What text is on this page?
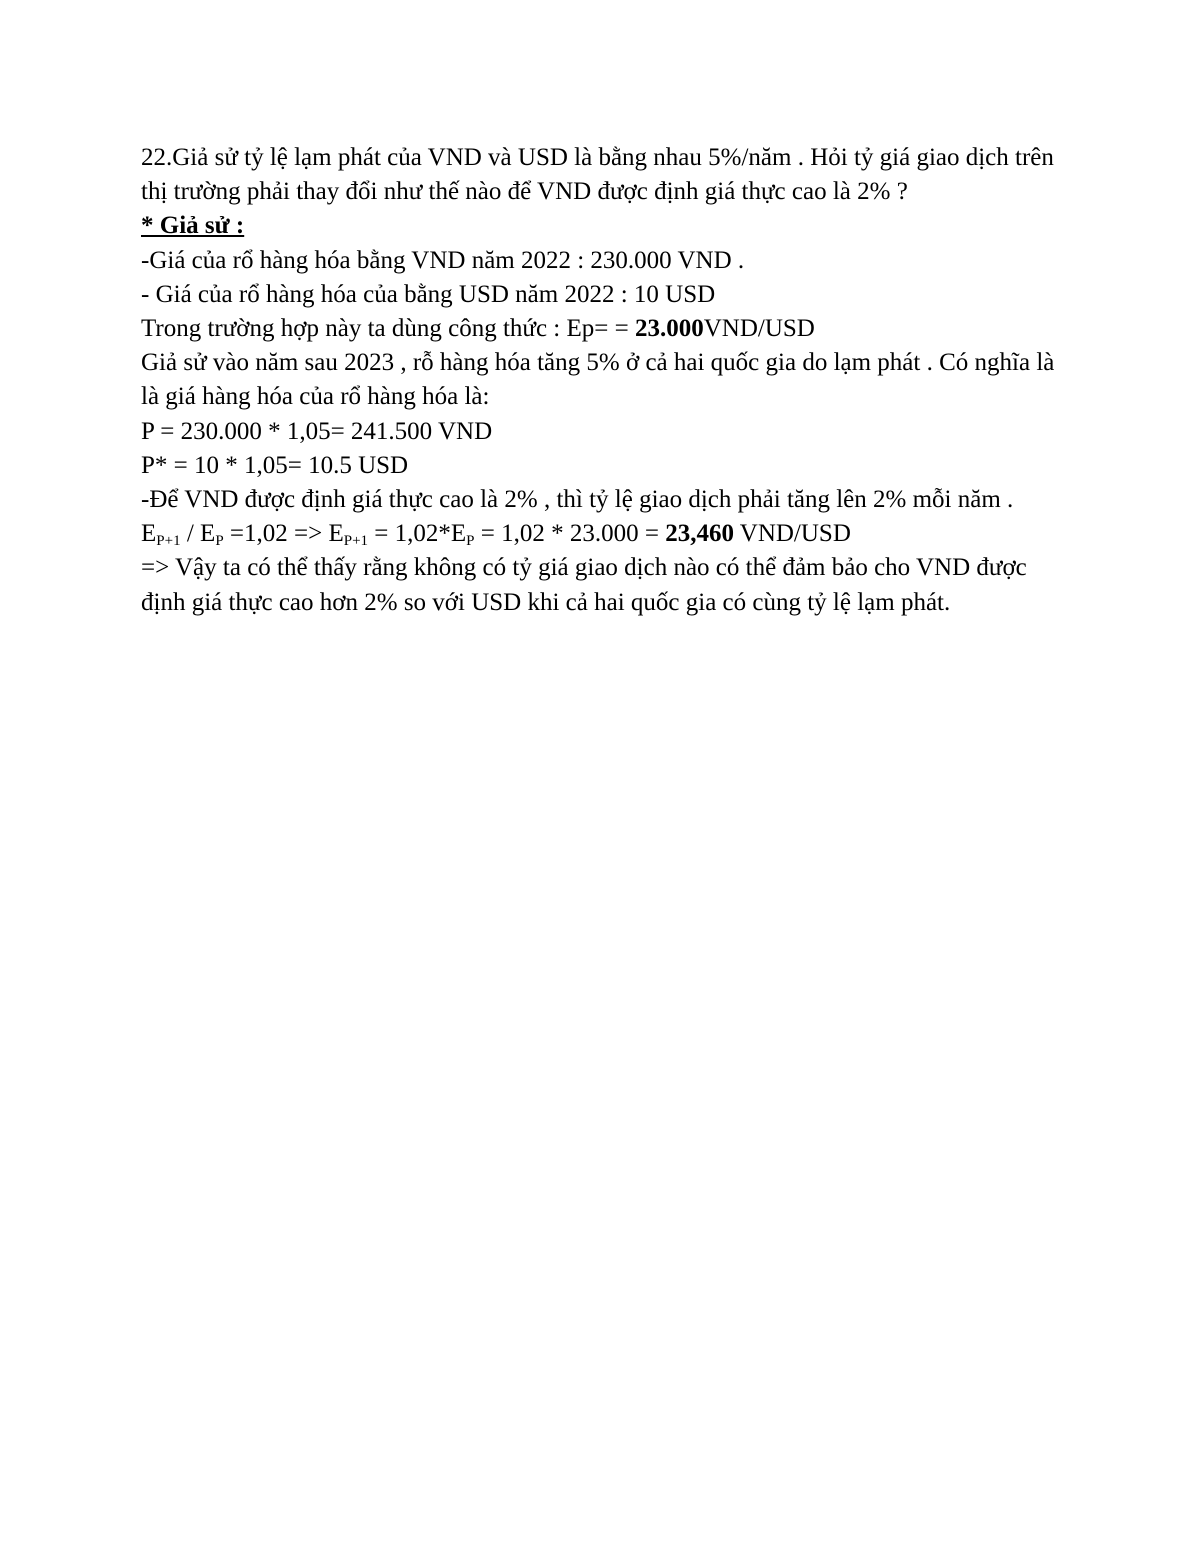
22.Giả sử tỷ lệ lạm phát của VND và USD là bằng nhau 5%/năm . Hỏi tỷ giá giao dịch trên thị trường phải thay đổi như thế nào để VND được định giá thực cao là 2% ?

* Giả sử :

-Giá của rổ hàng hóa bằng VND năm 2022 : 230.000 VND .

- Giá của rổ hàng hóa của bằng USD năm 2022 : 10 USD

Trong trường hợp này ta dùng công thức : Ep= = 23.000VND/USD

Giả sử vào năm sau 2023 , rỗ hàng hóa tăng 5% ở cả hai quốc gia do lạm phát . Có nghĩa là là giá hàng hóa của rổ hàng hóa là:

P = 230.000 * 1,05= 241.500 VND

P* = 10 * 1,05= 10.5 USD

-Để VND được định giá thực cao là 2% , thì tỷ lệ giao dịch phải tăng lên 2% mỗi năm .

$E_{P+1} / E_P =1,02 => E_{P+1} = 1,02*E_P = 1,02 * 23.000 = 23,460$ VND/USD

=> Vậy ta có thể thấy rằng không có tỷ giá giao dịch nào có thể đảm bảo cho VND được định giá thực cao hơn 2% so với USD khi cả hai quốc gia có cùng tỷ lệ lạm phát.
